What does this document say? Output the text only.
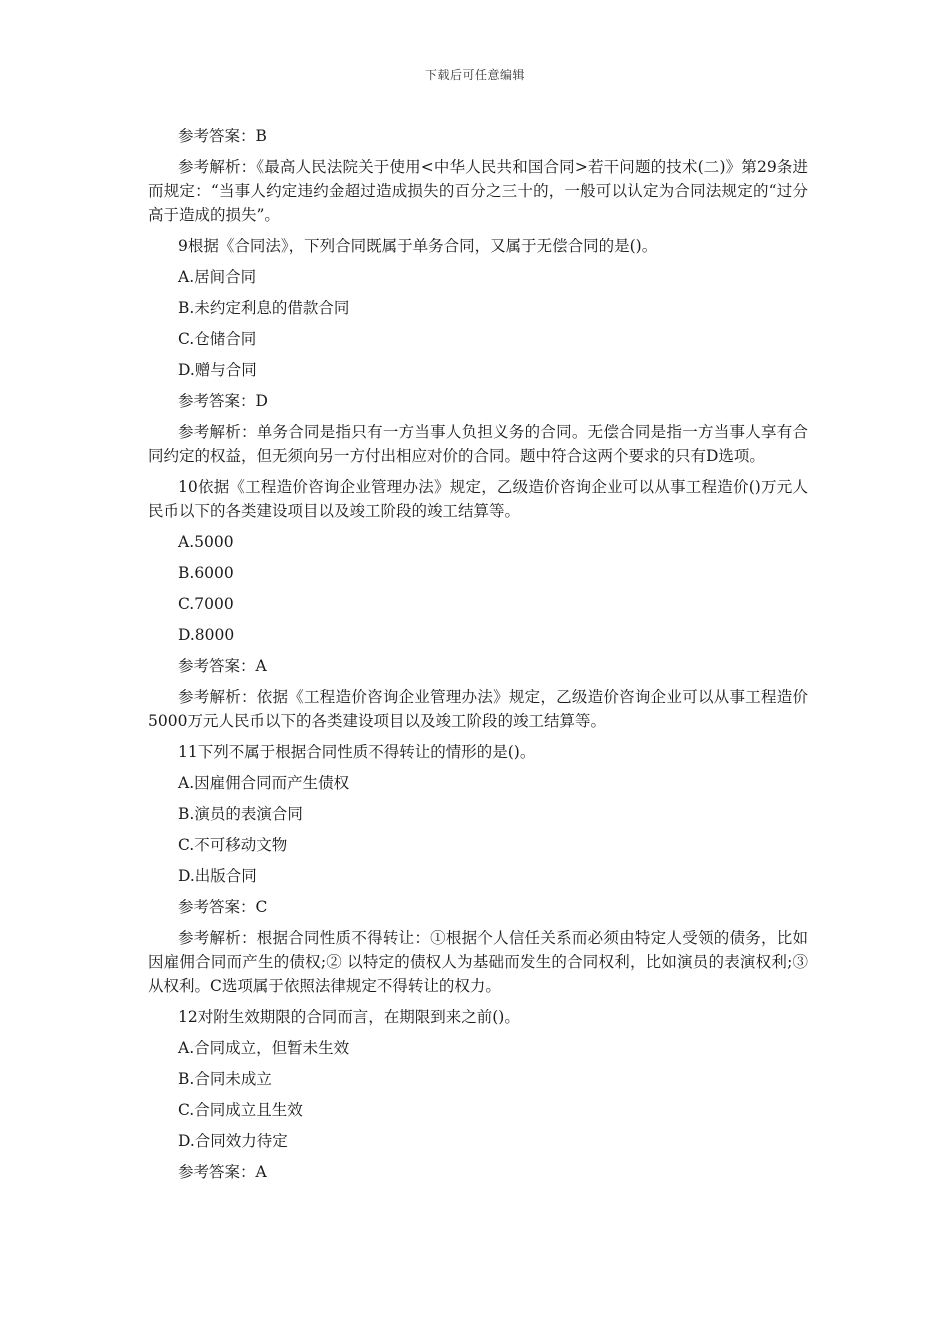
下载后可任意编辑

参考答案：B

参考解析：《最高人民法院关于使用<中华人民共和国合同>若干问题的技术(二)》第29条进而规定：“当事人约定违约金超过造成损失的百分之三十的，一般可以认定为合同法规定的“过分高于造成的损失”。

9根据《合同法》，下列合同既属于单务合同，又属于无偿合同的是()。

A.居间合同

B.未约定利息的借款合同

C.仓储合同

D.赠与合同

参考答案：D

参考解析：单务合同是指只有一方当事人负担义务的合同。无偿合同是指一方当事人享有合同约定的权益，但无须向另一方付出相应对价的合同。题中符合这两个要求的只有D选项。

10依据《工程造价咨询企业管理办法》规定，乙级造价咨询企业可以从事工程造价()万元人民币以下的各类建设项目以及竣工阶段的竣工结算等。

A.5000

B.6000

C.7000

D.8000

参考答案：A

参考解析：依据《工程造价咨询企业管理办法》规定，乙级造价咨询企业可以从事工程造价5000万元人民币以下的各类建设项目以及竣工阶段的竣工结算等。

11下列不属于根据合同性质不得转让的情形的是()。

A.因雇佣合同而产生债权

B.演员的表演合同

C.不可移动文物

D.出版合同

参考答案：C

参考解析：根据合同性质不得转让：①根据个人信任关系而必须由特定人受领的债务，比如因雇佣合同而产生的债权;② 以特定的债权人为基础而发生的合同权利，比如演员的表演权利;③ 从权利。C选项属于依照法律规定不得转让的权力。

12对附生效期限的合同而言，在期限到来之前()。

A.合同成立，但暂未生效

B.合同未成立

C.合同成立且生效

D.合同效力待定

参考答案：A
